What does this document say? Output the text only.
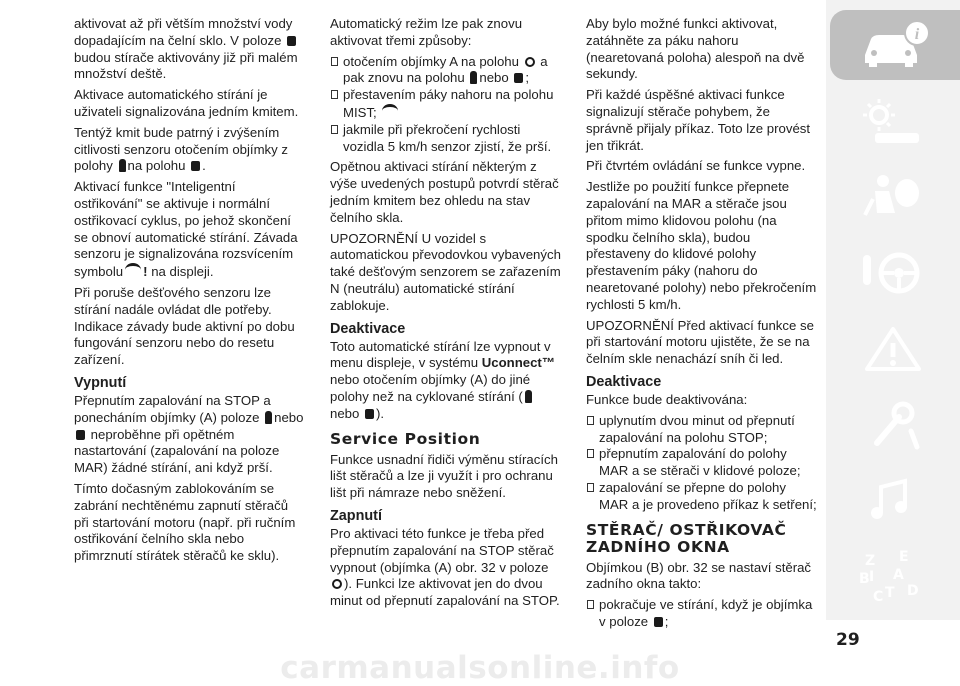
aktivovat až při větším množství vody dopadajícím na čelní sklo. V poloze  budou stírače aktivovány již při malém množství deště.

Aktivace automatického stírání je uživateli signalizována jedním kmitem.

Tentýž kmit bude patrný i zvýšením citlivosti senzoru otočením objímky z polohy na polohu .

Aktivací funkce "Inteligentní ostřikování" se aktivuje i normální ostřikovací cyklus, po jehož skončení se obnoví automatické stírání. Závada senzoru je signalizována rozsvícením symbolu ! na displeji.

Při poruše dešťového senzoru lze stírání nadále ovládat dle potřeby. Indikace závady bude aktivní po dobu fungování senzoru nebo do resetu zařízení.

Vypnutí

Přepnutím zapalování na STOP a ponecháním objímky (A) poloze nebo  neproběhne při opětném nastartování (zapalování na poloze MAR) žádné stírání, ani když prší.

Tímto dočasným zablokováním se zabrání nechtěnému zapnutí stěračů při startování motoru (např. při ručním ostřikování čelního skla nebo přimrznutí stírátek stěračů ke sklu).

Automatický režim lze pak znovu aktivovat třemi způsoby:

otočením objímky A na polohu a pak znovu na polohu nebo ;
přestavením páky nahoru na polohu MIST;
jakmile při překročení rychlosti vozidla 5 km/h senzor zjistí, že prší.

Opětnou aktivaci stírání některým z výše uvedených postupů potvrdí stěrač jedním kmitem bez ohledu na stav čelního skla.

UPOZORNĚNÍ U vozidel s automatickou převodovkou vybavených také dešťovým senzorem se zařazením N (neutrálu) automatické stírání zablokuje.

Deaktivace

Toto automatické stírání lze vypnout v menu displeje, v systému Uconnect™ nebo otočením objímky (A) do jiné polohy než na cyklované stírání (nebo ).

Service Position

Funkce usnadní řidiči výměnu stíracích lišt stěračů a lze ji využít i pro ochranu lišt při námraze nebo sněžení.

Zapnutí

Pro aktivaci této funkce je třeba před přepnutím zapalování na STOP stěrač vypnout (objímka (A) obr. 32 v poloze ). Funkci lze aktivovat jen do dvou minut od přepnutí zapalování na STOP.

Aby bylo možné funkci aktivovat, zatáhněte za páku nahoru (nearetovaná poloha) alespoň na dvě sekundy.

Při každé úspěšné aktivaci funkce signalizují stěrače pohybem, že správně přijaly příkaz. Toto lze provést jen třikrát.

Při čtvrtém ovládání se funkce vypne.

Jestliže po použití funkce přepnete zapalování na MAR a stěrače jsou přitom mimo klidovou polohu (na spodku čelního skla), budou přestaveny do klidové polohy přestavením páky (nahoru do nearetované polohy) nebo překročením rychlosti 5 km/h.

UPOZORNĚNÍ Před aktivací funkce se při startování motoru ujistěte, že se na čelním skle nenachází sníh či led.

Deaktivace

Funkce bude deaktivována:

uplynutím dvou minut od přepnutí zapalování na polohu STOP;
přepnutím zapalování do polohy MAR a se stěrači v klidové poloze;
zapalování se přepne do polohy MAR a je provedeno příkaz k setření;
STĚRAČ/ OSTŘIKOVAČ ZADNÍHO OKNA

Objímkou (B) obr. 32 se nastaví stěrač zadního okna takto:

pokračuje ve stírání, když je objímka v poloze ;
i
Z E
B A
C D
I
T
29
carmanualsonline.info
